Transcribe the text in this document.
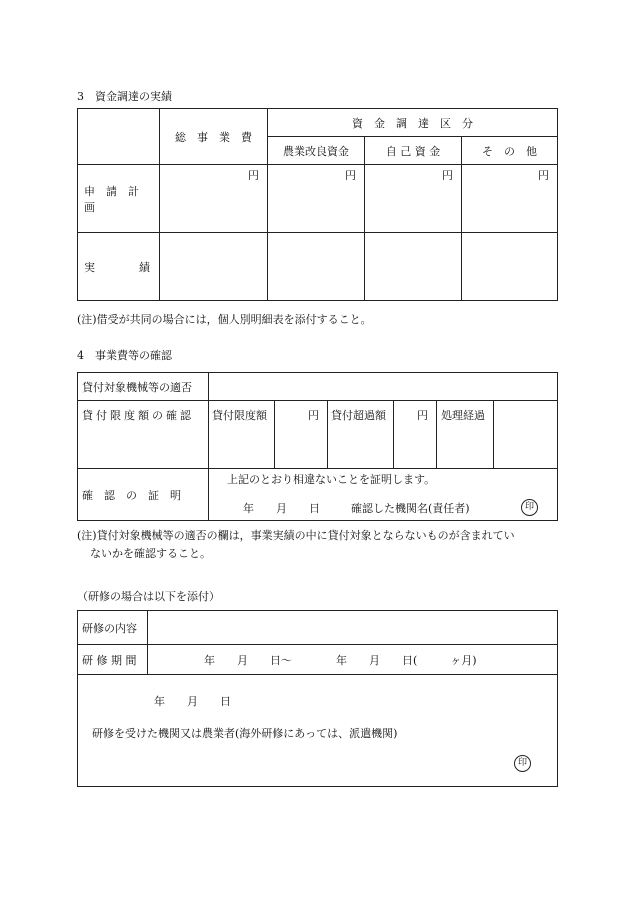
3　資金調達の実績
	総　事　業　費	資　金　調　達　区　分		
		農業改良資金	自 己 資 金	そ　の　他
申　請　計　画	円	円	円	円
実　　　　績				
(注)借受が共同の場合には，個人別明細表を添付すること。
4　事業費等の確認
貸付対象機械等の適否						
貸付限度額の確認	貸付限度額	円	貸付超過額	円	処理経過	
確　認　の　証　明	上記のとおり相違ないことを証明します。
年　　月　　日 確認した機関名(責任者) 印					
(注)貸付対象機械等の適否の欄は，事業実績の中に貸付対象とならないものが含まれてい
ないかを確認すること。
（研修の場合は以下を添付）
研修の内容	
研 修 期 間	年　　月　　日〜　　　　年　　月　　日(　　　ヶ月)

年　　月　　日
研修を受けた機関又は農業者(海外研修にあっては、派遣機関)
印	
